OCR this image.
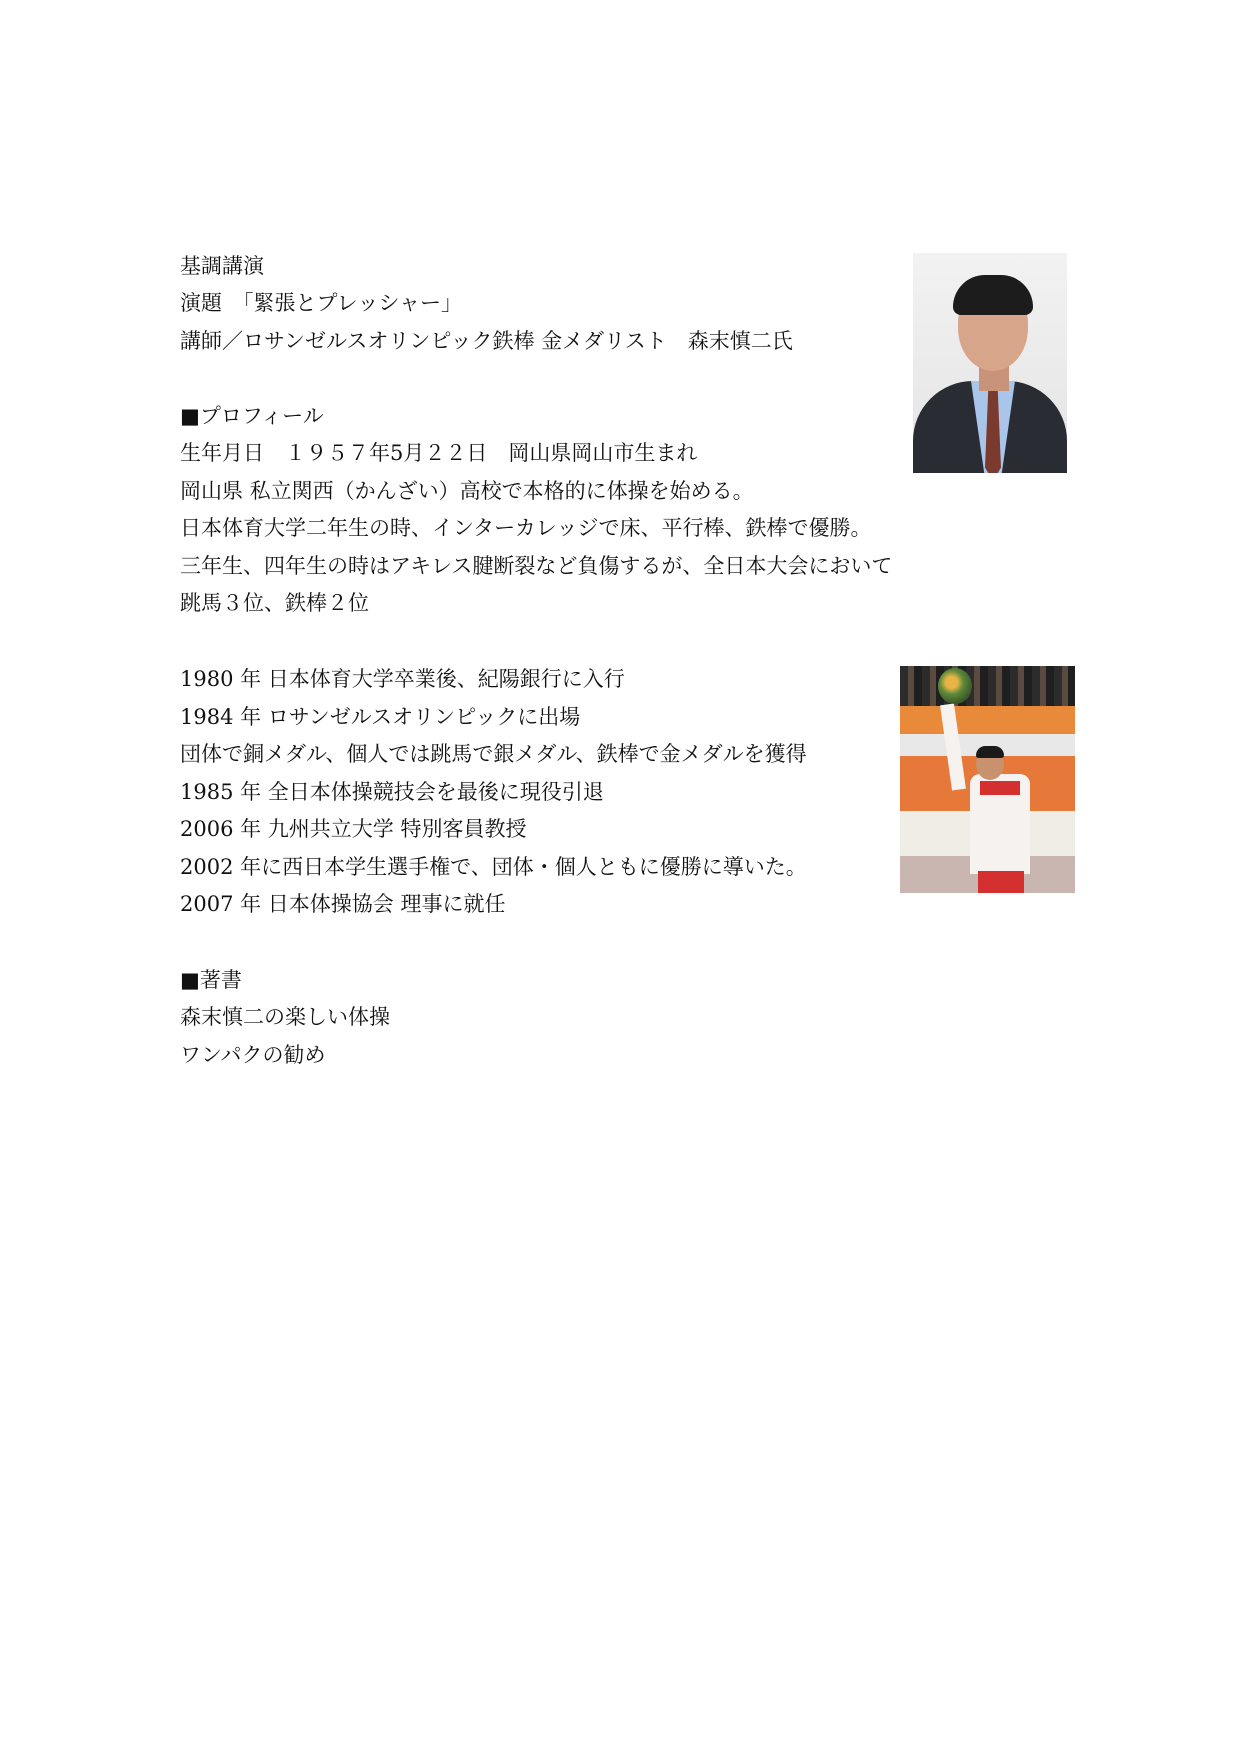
基調講演
演題　「緊張とプレッシャー」
講師／ロサンゼルスオリンピック鉄棒 金メダリスト　森末慎二氏
■プロフィール
生年月日　１９５７年5月２２日　岡山県岡山市生まれ
岡山県 私立関西（かんざい）高校で本格的に体操を始める。
日本体育大学二年生の時、インターカレッジで床、平行棒、鉄棒で優勝。
三年生、四年生の時はアキレス腱断裂など負傷するが、全日本大会において
跳馬３位、鉄棒２位
1980 年 日本体育大学卒業後、紀陽銀行に入行
1984 年 ロサンゼルスオリンピックに出場
団体で銅メダル、個人では跳馬で銀メダル、鉄棒で金メダルを獲得
1985 年 全日本体操競技会を最後に現役引退
2006 年 九州共立大学 特別客員教授
2002 年に西日本学生選手権で、団体・個人ともに優勝に導いた。
2007 年 日本体操協会 理事に就任
■著書
森末慎二の楽しい体操
ワンパクの勧め
